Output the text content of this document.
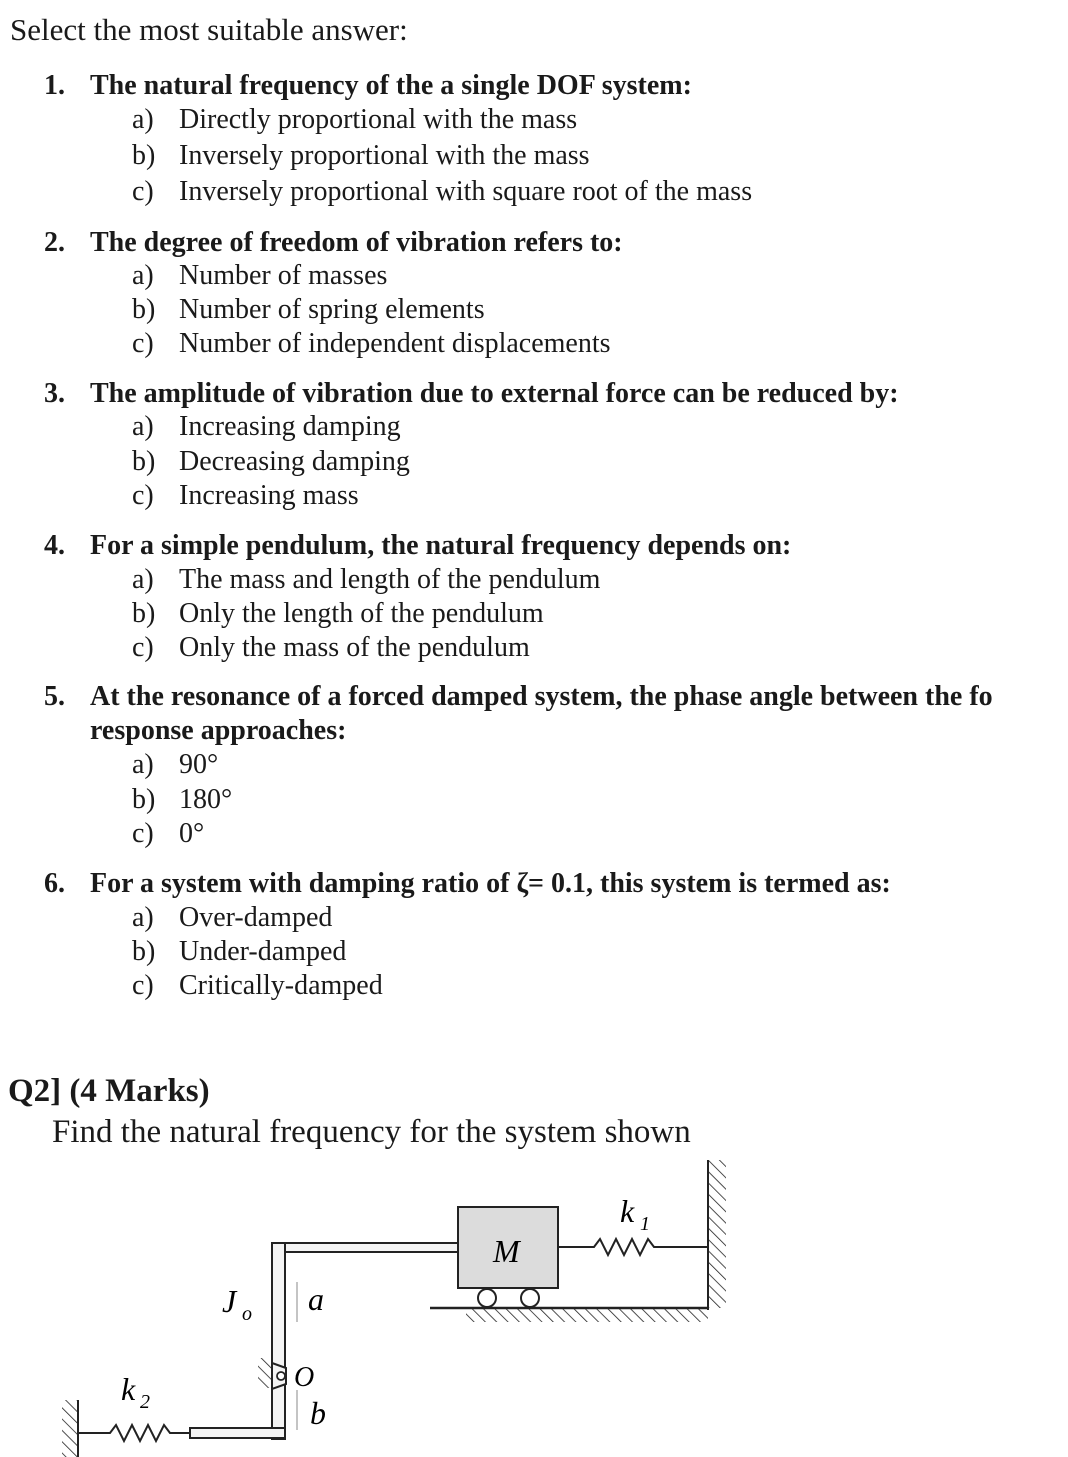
Select the most suitable answer:
1. The natural frequency of the a single DOF system:
a) Directly proportional with the mass
b) Inversely proportional with the mass
c) Inversely proportional with square root of the mass
2. The degree of freedom of vibration refers to:
a) Number of masses
b) Number of spring elements
c) Number of independent displacements
3. The amplitude of vibration due to external force can be reduced by:
a) Increasing damping
b) Decreasing damping
c) Increasing mass
4. For a simple pendulum, the natural frequency depends on:
a) The mass and length of the pendulum
b) Only the length of the pendulum
c) Only the mass of the pendulum
5. At the resonance of a forced damped system, the phase angle between the fo
response approaches:
a) 90°
b) 180°
c) 0°
6. For a system with damping ratio of ζ= 0.1, this system is termed as:
a) Over-damped
b) Under-damped
c) Critically-damped
Q2] (4 Marks)
Find the natural frequency for the system shown
M
k 1
J o a
O
b
k 2
